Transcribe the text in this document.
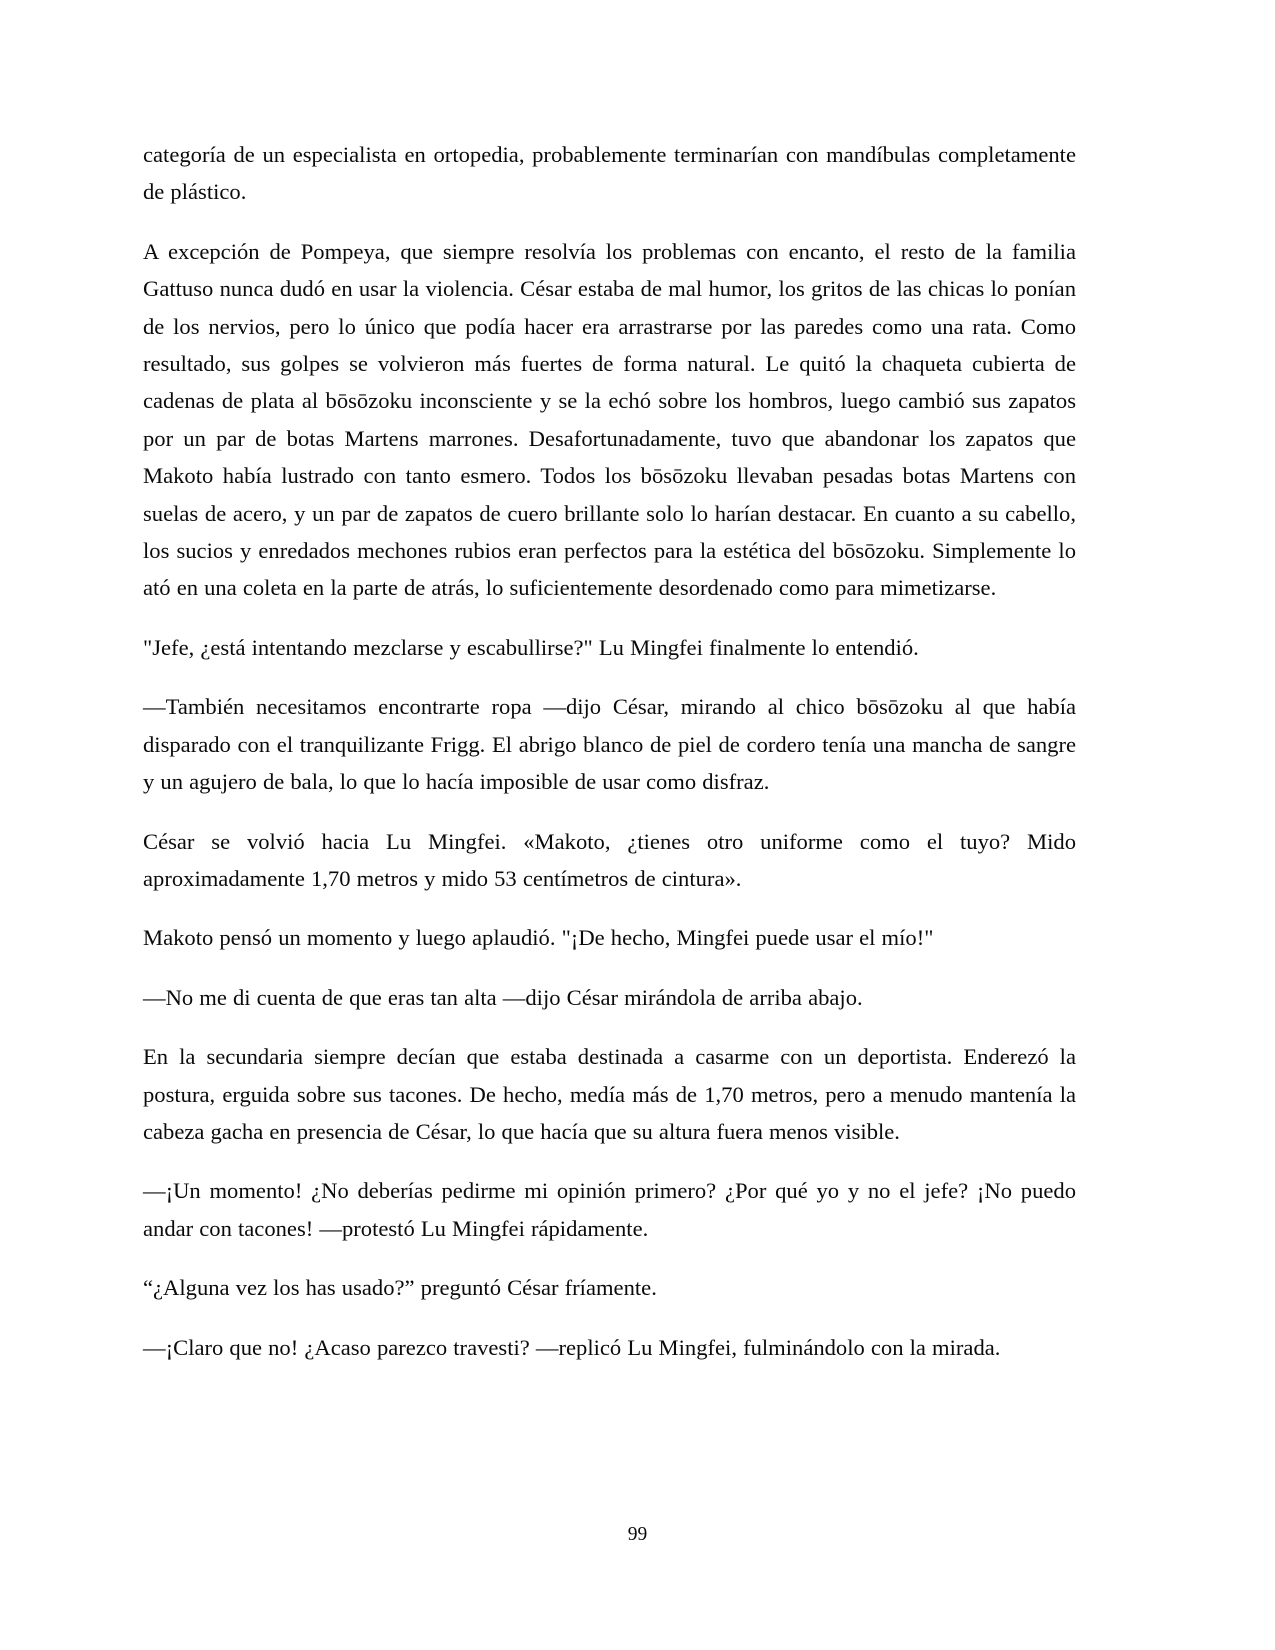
categoría de un especialista en ortopedia, probablemente terminarían con mandíbulas completamente de plástico.

A excepción de Pompeya, que siempre resolvía los problemas con encanto, el resto de la familia Gattuso nunca dudó en usar la violencia. César estaba de mal humor, los gritos de las chicas lo ponían de los nervios, pero lo único que podía hacer era arrastrarse por las paredes como una rata. Como resultado, sus golpes se volvieron más fuertes de forma natural. Le quitó la chaqueta cubierta de cadenas de plata al bōsōzoku inconsciente y se la echó sobre los hombros, luego cambió sus zapatos por un par de botas Martens marrones. Desafortunadamente, tuvo que abandonar los zapatos que Makoto había lustrado con tanto esmero. Todos los bōsōzoku llevaban pesadas botas Martens con suelas de acero, y un par de zapatos de cuero brillante solo lo harían destacar. En cuanto a su cabello, los sucios y enredados mechones rubios eran perfectos para la estética del bōsōzoku. Simplemente lo ató en una coleta en la parte de atrás, lo suficientemente desordenado como para mimetizarse.

"Jefe, ¿está intentando mezclarse y escabullirse?" Lu Mingfei finalmente lo entendió.

—También necesitamos encontrarte ropa —dijo César, mirando al chico bōsōzoku al que había disparado con el tranquilizante Frigg. El abrigo blanco de piel de cordero tenía una mancha de sangre y un agujero de bala, lo que lo hacía imposible de usar como disfraz.

César se volvió hacia Lu Mingfei. «Makoto, ¿tienes otro uniforme como el tuyo? Mido aproximadamente 1,70 metros y mido 53 centímetros de cintura».

Makoto pensó un momento y luego aplaudió. "¡De hecho, Mingfei puede usar el mío!"

—No me di cuenta de que eras tan alta —dijo César mirándola de arriba abajo.

En la secundaria siempre decían que estaba destinada a casarme con un deportista. Enderezó la postura, erguida sobre sus tacones. De hecho, medía más de 1,70 metros, pero a menudo mantenía la cabeza gacha en presencia de César, lo que hacía que su altura fuera menos visible.

—¡Un momento! ¿No deberías pedirme mi opinión primero? ¿Por qué yo y no el jefe? ¡No puedo andar con tacones! —protestó Lu Mingfei rápidamente.

“¿Alguna vez los has usado?” preguntó César fríamente.

—¡Claro que no! ¿Acaso parezco travesti? —replicó Lu Mingfei, fulminándolo con la mirada.

99
